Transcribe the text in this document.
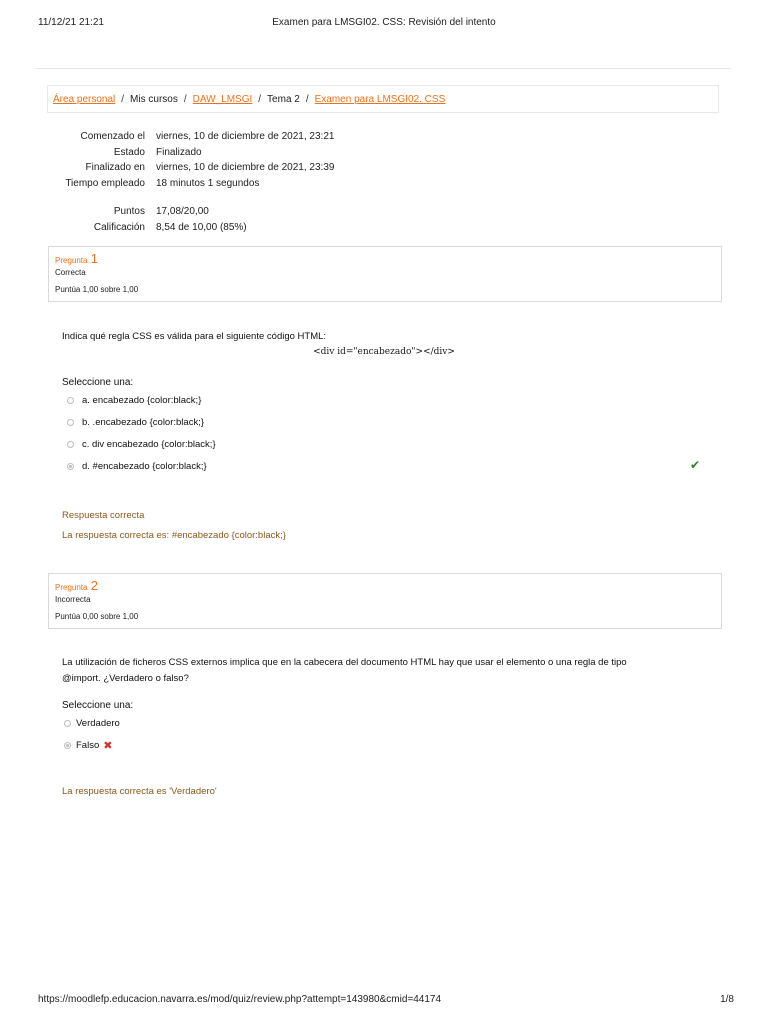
11/12/21 21:21	Examen para LMSGI02. CSS: Revisión del intento
Área personal / Mis cursos / DAW_LMSGI / Tema 2 / Examen para LMSGI02. CSS
Comenzado el viernes, 10 de diciembre de 2021, 23:21
Estado Finalizado
Finalizado en viernes, 10 de diciembre de 2021, 23:39
Tiempo empleado 18 minutos 1 segundos
Puntos 17,08/20,00
Calificación 8,54 de 10,00 (85%)
Pregunta 1
Correcta
Puntúa 1,00 sobre 1,00
Indica qué regla CSS es válida para el siguiente código HTML:
<div id="encabezado"></div>
Seleccione una:
a. encabezado {color:black;}
b. .encabezado {color:black;}
c. div encabezado {color:black;}
d. #encabezado {color:black;}	✔
Respuesta correcta
La respuesta correcta es: #encabezado {color:black;}
Pregunta 2
Incorrecta
Puntúa 0,00 sobre 1,00
La utilización de ficheros CSS externos implica que en la cabecera del documento HTML hay que usar el elemento o una regla de tipo
@import. ¿Verdadero o falso?
Seleccione una:
Verdadero
Falso ✖
La respuesta correcta es 'Verdadero'
https://moodlefp.educacion.navarra.es/mod/quiz/review.php?attempt=143980&cmid=44174	1/8
